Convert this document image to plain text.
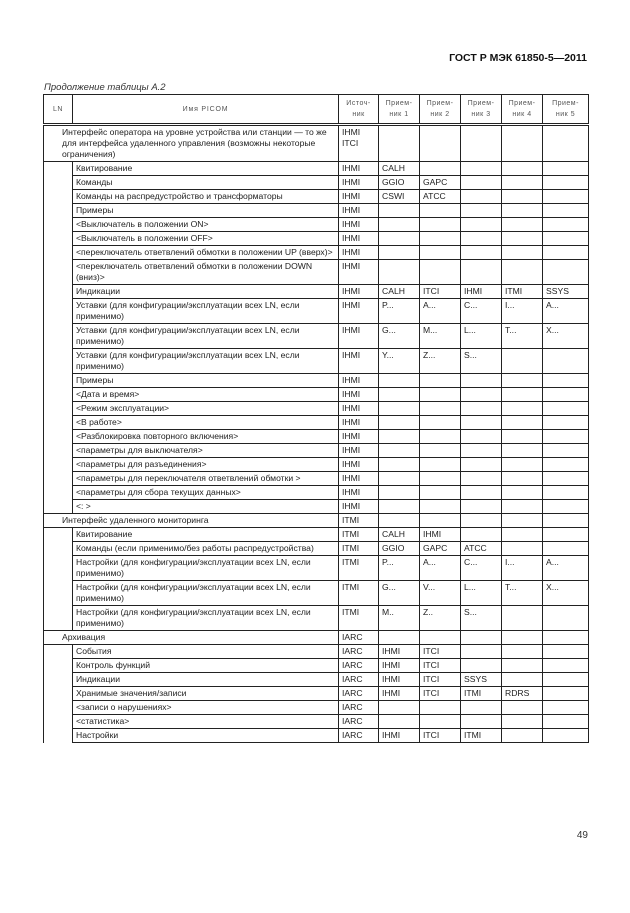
ГОСТ Р МЭК 61850-5—2011
Продолжение таблицы А.2
LN	Имя PICOM	Источ-ник	Прием-ник 1	Прием-ник 2	Прием-ник 3	Прием-ник 4	Прием-ник 5
Интерфейс оператора на уровне устройства или станции — то же для интерфейса удаленного управления (возможны некоторые ограничения)		IHMI ITCI					
	Квитирование	IHMI	CALH				
	Команды	IHMI	GGIO	GAPC			
	Команды на распредустройство и трансформаторы	IHMI	CSWI	ATCC			
	Примеры	IHMI					
	<Выключатель в положении ON>	IHMI					
	<Выключатель в положении OFF>	IHMI					
	<переключатель ответвлений обмотки в положении UP (вверх)>	IHMI					
	<переключатель ответвлений обмотки в положении DOWN (вниз)>	IHMI					
	Индикации	IHMI	CALH	ITCI	IHMI	ITMI	SSYS
	Уставки (для конфигурации/эксплуатации всех LN, если применимо)	IHMI	P...	A...	C...	I...	A...
	Уставки (для конфигурации/эксплуатации всех LN, если применимо)	IHMI	G...	M...	L...	T...	X...
	Уставки (для конфигурации/эксплуатации всех LN, если применимо)	IHMI	Y...	Z...	S...		
	Примеры	IHMI					
	<Дата и время>	IHMI					
	<Режим эксплуатации>	IHMI					
	<В работе>	IHMI					
	<Разблокировка повторного включения>	IHMI					
	<параметры для выключателя>	IHMI					
	<параметры для разъединения>	IHMI					
	<параметры для переключателя ответвлений обмотки >	IHMI					
	<параметры для сбора текущих данных>	IHMI					
	<: >	IHMI					
Интерфейс удаленного мониторинга		ITMI					
	Квитирование	ITMI	CALH	IHMI			
	Команды (если применимо/без работы распредустройства)	ITMI	GGIO	GAPC	ATCC		
	Настройки (для конфигурации/эксплуатации всех LN, если применимо)	ITMI	P...	A...	C...	I...	A...
	Настройки (для конфигурации/эксплуатации всех LN, если применимо)	ITMI	G...	V...	L...	T...	X...
	Настройки (для конфигурации/эксплуатации всех LN, если применимо)	ITMI	M..	Z..	S...		
Архивация		IARC					
	События	IARC	IHMI	ITCI			
	Контроль функций	IARC	IHMI	ITCI			
	Индикации	IARC	IHMI	ITCI	SSYS		
	Хранимые значения/записи	IARC	IHMI	ITCI	ITMI	RDRS	
	<записи о нарушениях>	IARC					
	<статистика>	IARC					
	Настройки	IARC	IHMI	ITCI	ITMI		
49
